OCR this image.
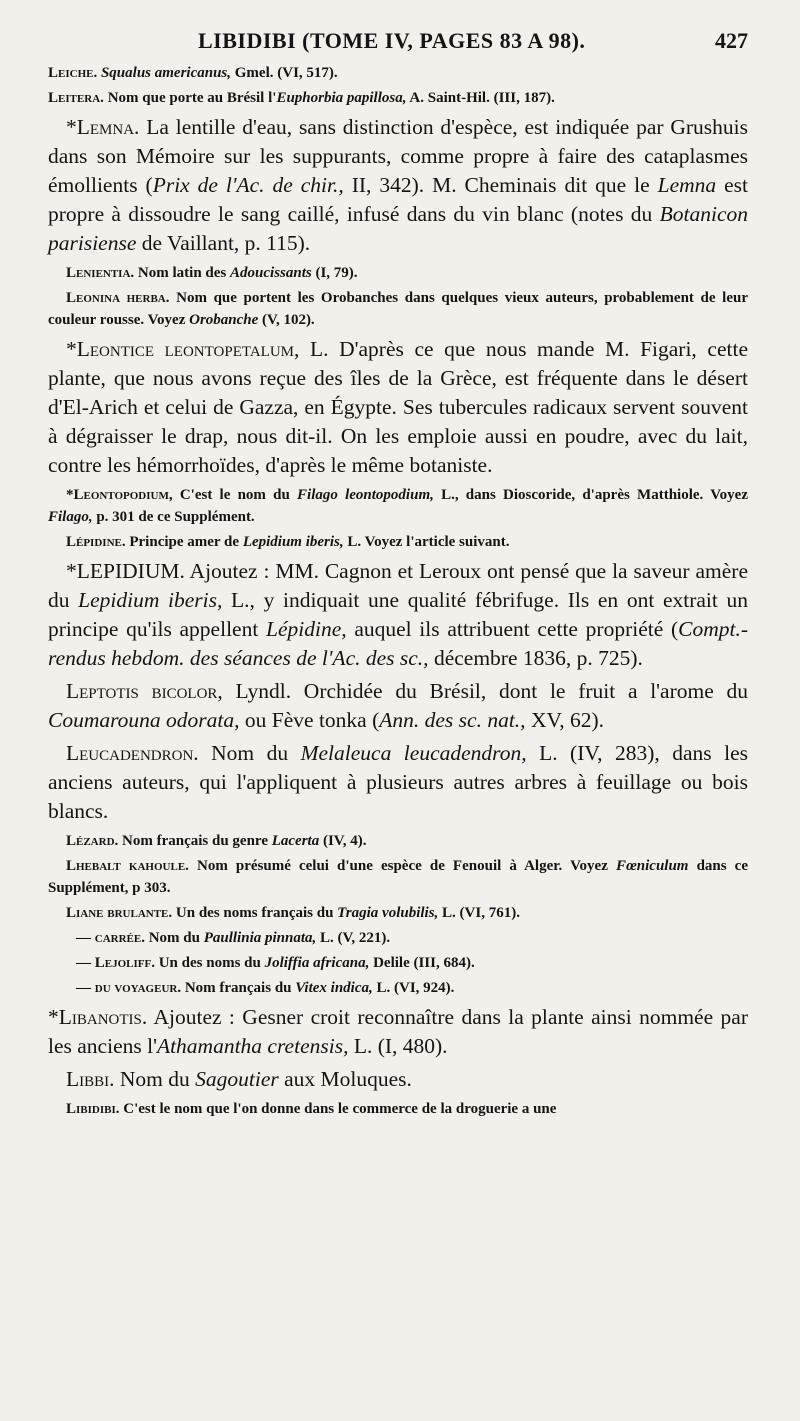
LIBIDIBI (TOME IV, PAGES 83 A 98).	427

Leiche. Squalus americanus, Gmel. (VI, 517).

Leitera. Nom que porte au Brésil l'Euphorbia papillosa, A. Saint-Hil. (III, 187).

*Lemna. La lentille d'eau, sans distinction d'espèce, est indiquée par Grushuis dans son Mémoire sur les suppurants, comme propre à faire des cataplasmes émollients (Prix de l'Ac. de chir., II, 342). M. Cheminais dit que le Lemna est propre à dissoudre le sang caillé, infusé dans du vin blanc (notes du Botanicon parisiense de Vaillant, p. 115).

Lenientia. Nom latin des Adoucissants (I, 79).

Leonina herba. Nom que portent les Orobanches dans quelques vieux auteurs, probablement de leur couleur rousse. Voyez Orobanche (V, 102).

*Leontice leontopetalum, L. D'après ce que nous mande M. Figari, cette plante, que nous avons reçue des îles de la Grèce, est fréquente dans le désert d'El-Arich et celui de Gazza, en Égypte. Ses tubercules radicaux servent souvent à dégraisser le drap, nous dit-il. On les emploie aussi en poudre, avec du lait, contre les hémorrhoïdes, d'après le même botaniste.

*Leontopodium, C'est le nom du Filago leontopodium, L., dans Dioscoride, d'après Matthiole. Voyez Filago, p. 301 de ce Supplément.

Lépidine. Principe amer de Lepidium iberis, L. Voyez l'article suivant.

*LEPIDIUM. Ajoutez : MM. Cagnon et Leroux ont pensé que la saveur amère du Lepidium iberis, L., y indiquait une qualité fébrifuge. Ils en ont extrait un principe qu'ils appellent Lépidine, auquel ils attribuent cette propriété (Compt.-rendus hebdom. des séances de l'Ac. des sc., décembre 1836, p. 725).

Leptotis bicolor, Lyndl. Orchidée du Brésil, dont le fruit a l'arome du Coumarouna odorata, ou Fève tonka (Ann. des sc. nat., XV, 62).

Leucadendron. Nom du Melaleuca leucadendron, L. (IV, 283), dans les anciens auteurs, qui l'appliquent à plusieurs autres arbres à feuillage ou bois blancs.

Lézard. Nom français du genre Lacerta (IV, 4).

Lhebalt kahoule. Nom présumé celui d'une espèce de Fenouil à Alger. Voyez Fœniculum dans ce Supplément, p 303.

Liane brulante. Un des noms français du Tragia volubilis, L. (VI, 761).

— carrée. Nom du Paullinia pinnata, L. (V, 221).

— Lejoliff. Un des noms du Joliffia africana, Delile (III, 684).

— du voyageur. Nom français du Vitex indica, L. (VI, 924).

*Libanotis. Ajoutez : Gesner croit reconnaître dans la plante ainsi nommée par les anciens l'Athamantha cretensis, L. (I, 480).

Libbi. Nom du Sagoutier aux Moluques.

Libidibi. C'est le nom que l'on donne dans le commerce de la droguerie a une
